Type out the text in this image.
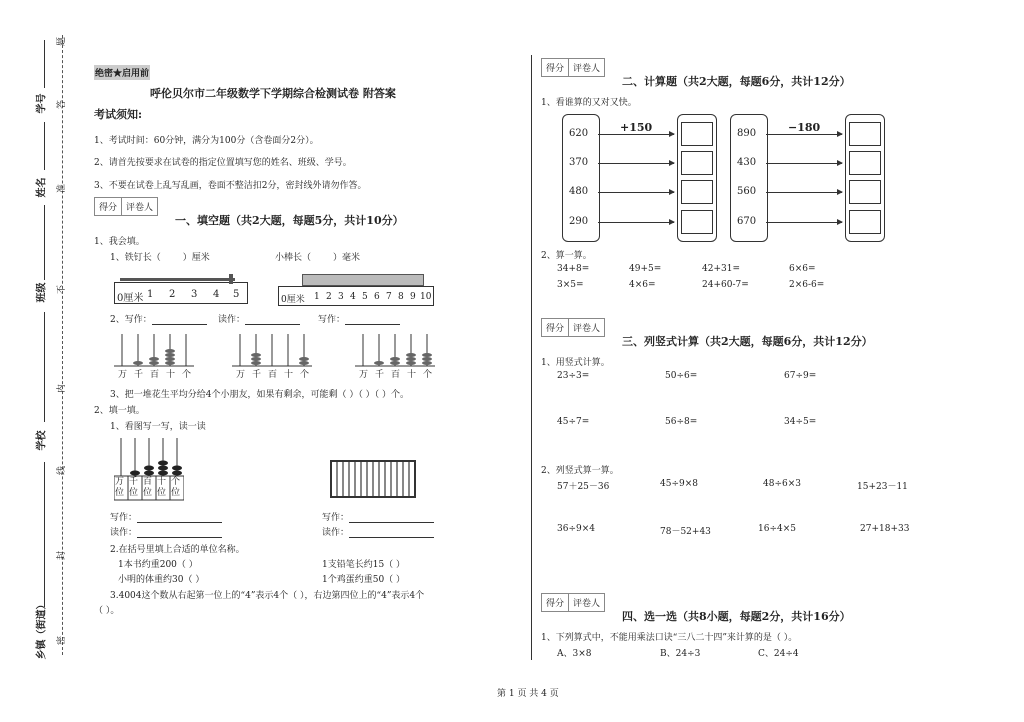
题
答
准
不
内
线
封
密
学号
姓名
班级
学校
乡镇（街道）
绝密★启用前
呼伦贝尔市二年级数学下学期综合检测试卷 附答案
考试须知:
1、考试时间：60分钟，满分为100分（含卷面分2分）。
2、请首先按要求在试卷的指定位置填写您的姓名、班级、学号。
3、不要在试卷上乱写乱画，卷面不整洁扣2分，密封线外请勿作答。
得分	评卷人
一、填空题（共2大题，每题5分，共计10分）
1、我会填。
1、铁钉长（ ）厘米	小棒长（ ）毫米
0厘米 1 2 3 4 5	0厘米 1 2 3 4 5 6 7 8 9 10
2、写作：	读作：	写作：
万 千 百 十 个	万 千 百 十 个	万 千 百 十 个
3、把一堆花生平均分给4个小朋友，如果有剩余，可能剩（ ）（ ）（ ）个。
2、填一填。
1、看图写一写，读一读
万位
千位
百位
十位
个位
写作：
读作：
写作：
读作：
2.在括号里填上合适的单位名称。
1本书约重200（ ）	1支铅笔长约15（ ）
小明的体重约30（ ）	1个鸡蛋约重50（ ）
3.4004这个数从右起第一位上的“4”表示4个（ ），右边第四位上的“4”表示4个
（ ）。
得分	评卷人
二、计算题（共2大题，每题6分，共计12分）
1、看谁算的又对又快。
620
370
480
290
+150	890
430
560
670
−180
2、算一算。
34+8=	49+5=	42+31=	6×6=
3×5=	4×6=	24+60-7=	2×6-6=
得分	评卷人
三、列竖式计算（共2大题，每题6分，共计12分）
1、用竖式计算。
23÷3=	50÷6=	67÷9=
45÷7=	56÷8=	34÷5=
2、列竖式算一算。
57＋25－36	45÷9×8	48÷6×3	15+23－11
36÷9×4	78－52+43	16÷4×5	27+18+33
得分	评卷人
四、选一选（共8小题，每题2分，共计16分）
1、下列算式中，不能用乘法口诀“三八二十四”来计算的是（ ）。
A、3×8	B、24÷3	C、24÷4
第 1 页 共 4 页
